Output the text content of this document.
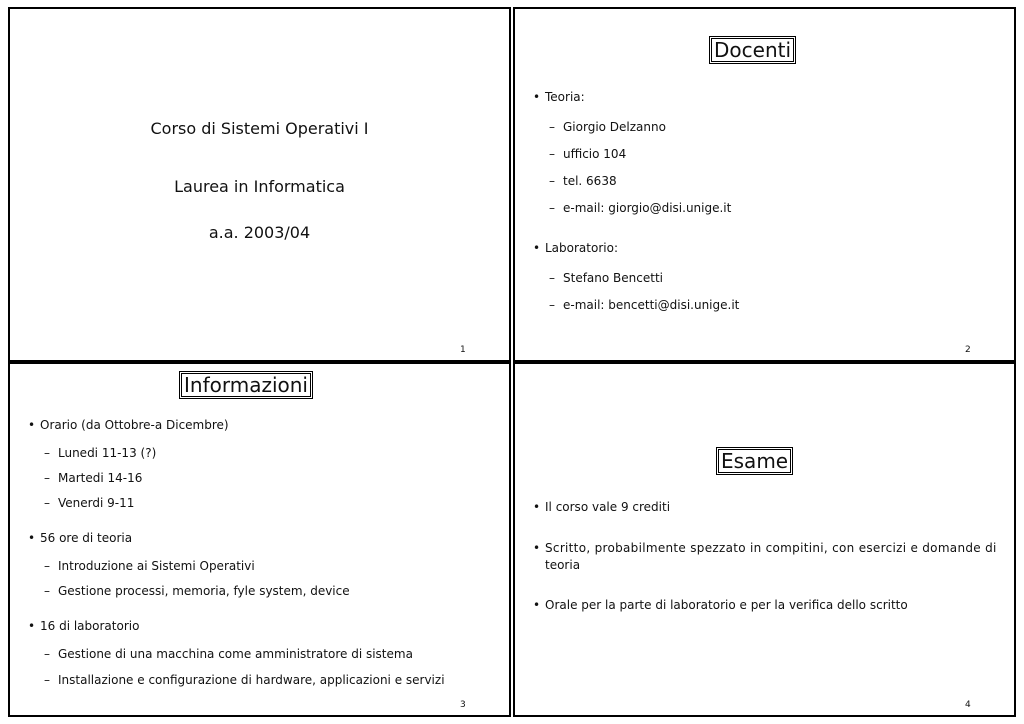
Corso di Sistemi Operativi I
Laurea in Informatica
a.a. 2003/04
1
Docenti
• Teoria:
– Giorgio Delzanno
– ufficio 104
– tel. 6638
– e-mail: giorgio@disi.unige.it
• Laboratorio:
– Stefano Bencetti
– e-mail: bencetti@disi.unige.it
2
Informazioni
• Orario (da Ottobre-a Dicembre)
– Lunedi 11-13 (?)
– Martedi 14-16
– Venerdi 9-11
• 56 ore di teoria
– Introduzione ai Sistemi Operativi
– Gestione processi, memoria, fyle system, device
• 16 di laboratorio
– Gestione di una macchina come amministratore di sistema
– Installazione e configurazione di hardware, applicazioni e servizi
3
Esame
• Il corso vale 9 crediti
• Scritto, probabilmente spezzato in compitini, con esercizi e domande di
teoria
• Orale per la parte di laboratorio e per la verifica dello scritto
4
